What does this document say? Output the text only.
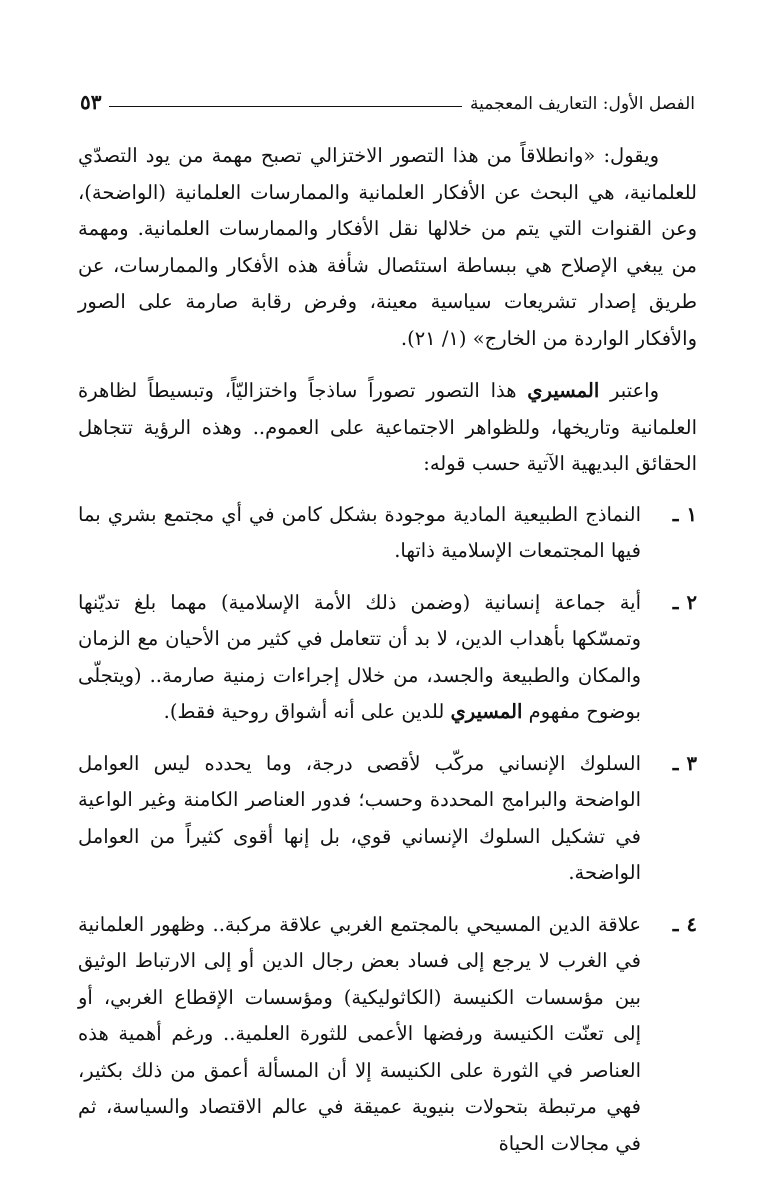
الفصل الأول: التعاريف المعجمية
٥٣

ويقول: «وانطلاقاً من هذا التصور الاختزالي تصبح مهمة من يود التصدّي للعلمانية، هي البحث عن الأفكار العلمانية والممارسات العلمانية (الواضحة)، وعن القنوات التي يتم من خلالها نقل الأفكار والممارسات العلمانية. ومهمة من يبغي الإصلاح هي ببساطة استئصال شأفة هذه الأفكار والممارسات، عن طريق إصدار تشريعات سياسية معينة، وفرض رقابة صارمة على الصور والأفكار الواردة من الخارج» (١/ ٢١).

واعتبر المسيري هذا التصور تصوراً ساذجاً واختزاليّاً، وتبسيطاً لظاهرة العلمانية وتاريخها، وللظواهر الاجتماعية على العموم.. وهذه الرؤية تتجاهل الحقائق البديهية الآتية حسب قوله:

١
ـ
النماذج الطبيعية المادية موجودة بشكل كامن في أي مجتمع بشري بما فيها المجتمعات الإسلامية ذاتها.
٢
ـ
أية جماعة إنسانية (وضمن ذلك الأمة الإسلامية) مهما بلغ تديّنها وتمسّكها بأهداب الدين، لا بد أن تتعامل في كثير من الأحيان مع الزمان والمكان والطبيعة والجسد، من خلال إجراءات زمنية صارمة.. (ويتجلّى بوضوح مفهوم المسيري للدين على أنه أشواق روحية فقط).
٣
ـ
السلوك الإنساني مركّب لأقصى درجة، وما يحدده ليس العوامل الواضحة والبرامج المحددة وحسب؛ فدور العناصر الكامنة وغير الواعية في تشكيل السلوك الإنساني قوي، بل إنها أقوى كثيراً من العوامل الواضحة.
٤
ـ
علاقة الدين المسيحي بالمجتمع الغربي علاقة مركبة.. وظهور العلمانية في الغرب لا يرجع إلى فساد بعض رجال الدين أو إلى الارتباط الوثيق بين مؤسسات الكنيسة (الكاثوليكية) ومؤسسات الإقطاع الغربي، أو إلى تعنّت الكنيسة ورفضها الأعمى للثورة العلمية.. ورغم أهمية هذه العناصر في الثورة على الكنيسة إلا أن المسألة أعمق من ذلك بكثير، فهي مرتبطة بتحولات بنيوية عميقة في عالم الاقتصاد والسياسة، ثم في مجالات الحياة
